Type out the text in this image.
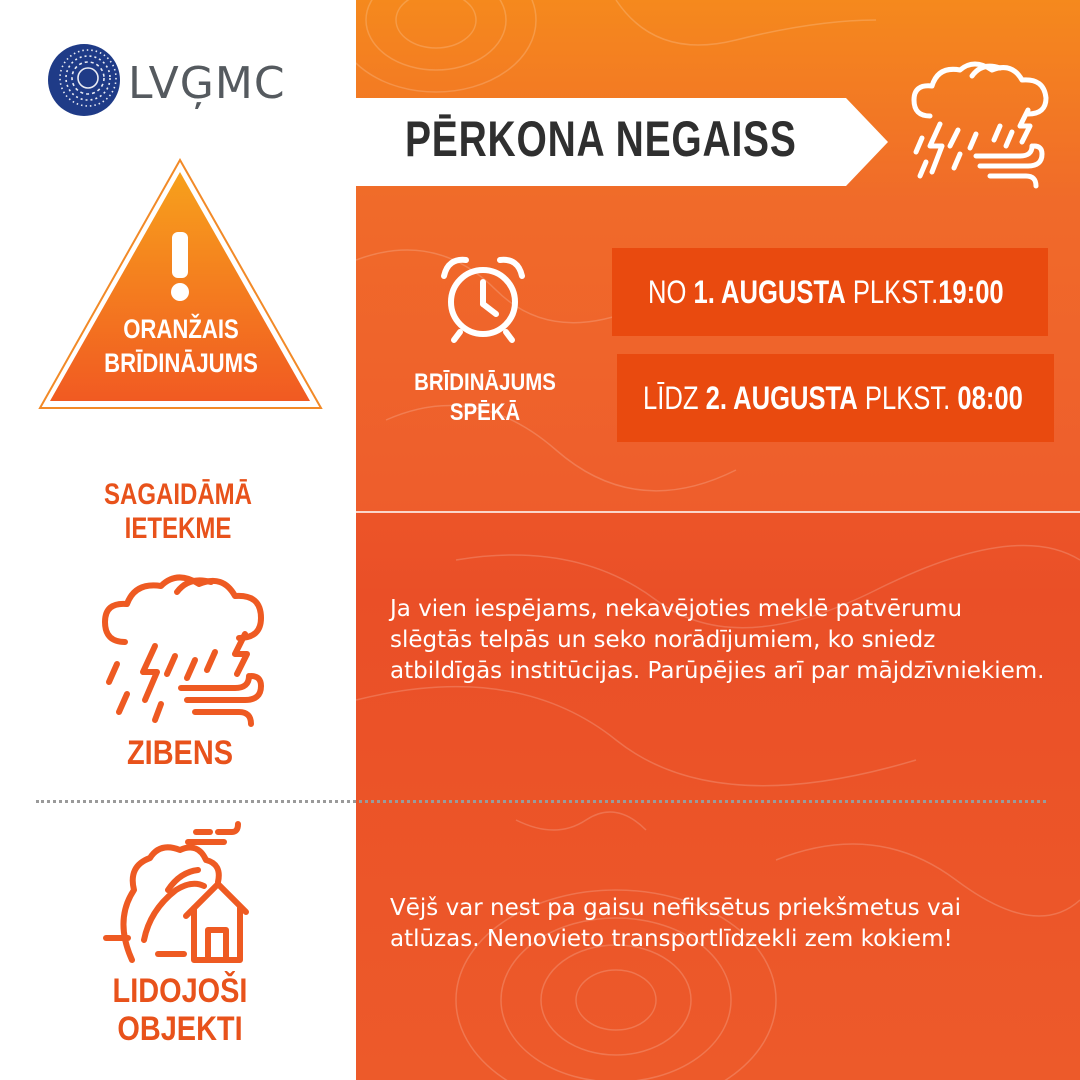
LVĢMC
ORANŽAIS
BRĪDINĀJUMS
SAGAIDĀMĀ IETEKME
PĒRKONA NEGAISS
BRĪDINĀJUMS
SPĒKĀ
NO 1. AUGUSTA PLKST.19:00
LĪDZ 2. AUGUSTA PLKST. 08:00
ZIBENS
Ja vien iespējams, nekavējoties meklē patvērumu slēgtās telpās un seko norādījumiem, ko sniedz atbildīgās institūcijas. Parūpējies arī par mājdzīvniekiem.
LIDOJOŠI
OBJEKTI
Vējš var nest pa gaisu nefiksētus priekšmetus vai atlūzas. Nenovieto transportlīdzekli zem kokiem!
